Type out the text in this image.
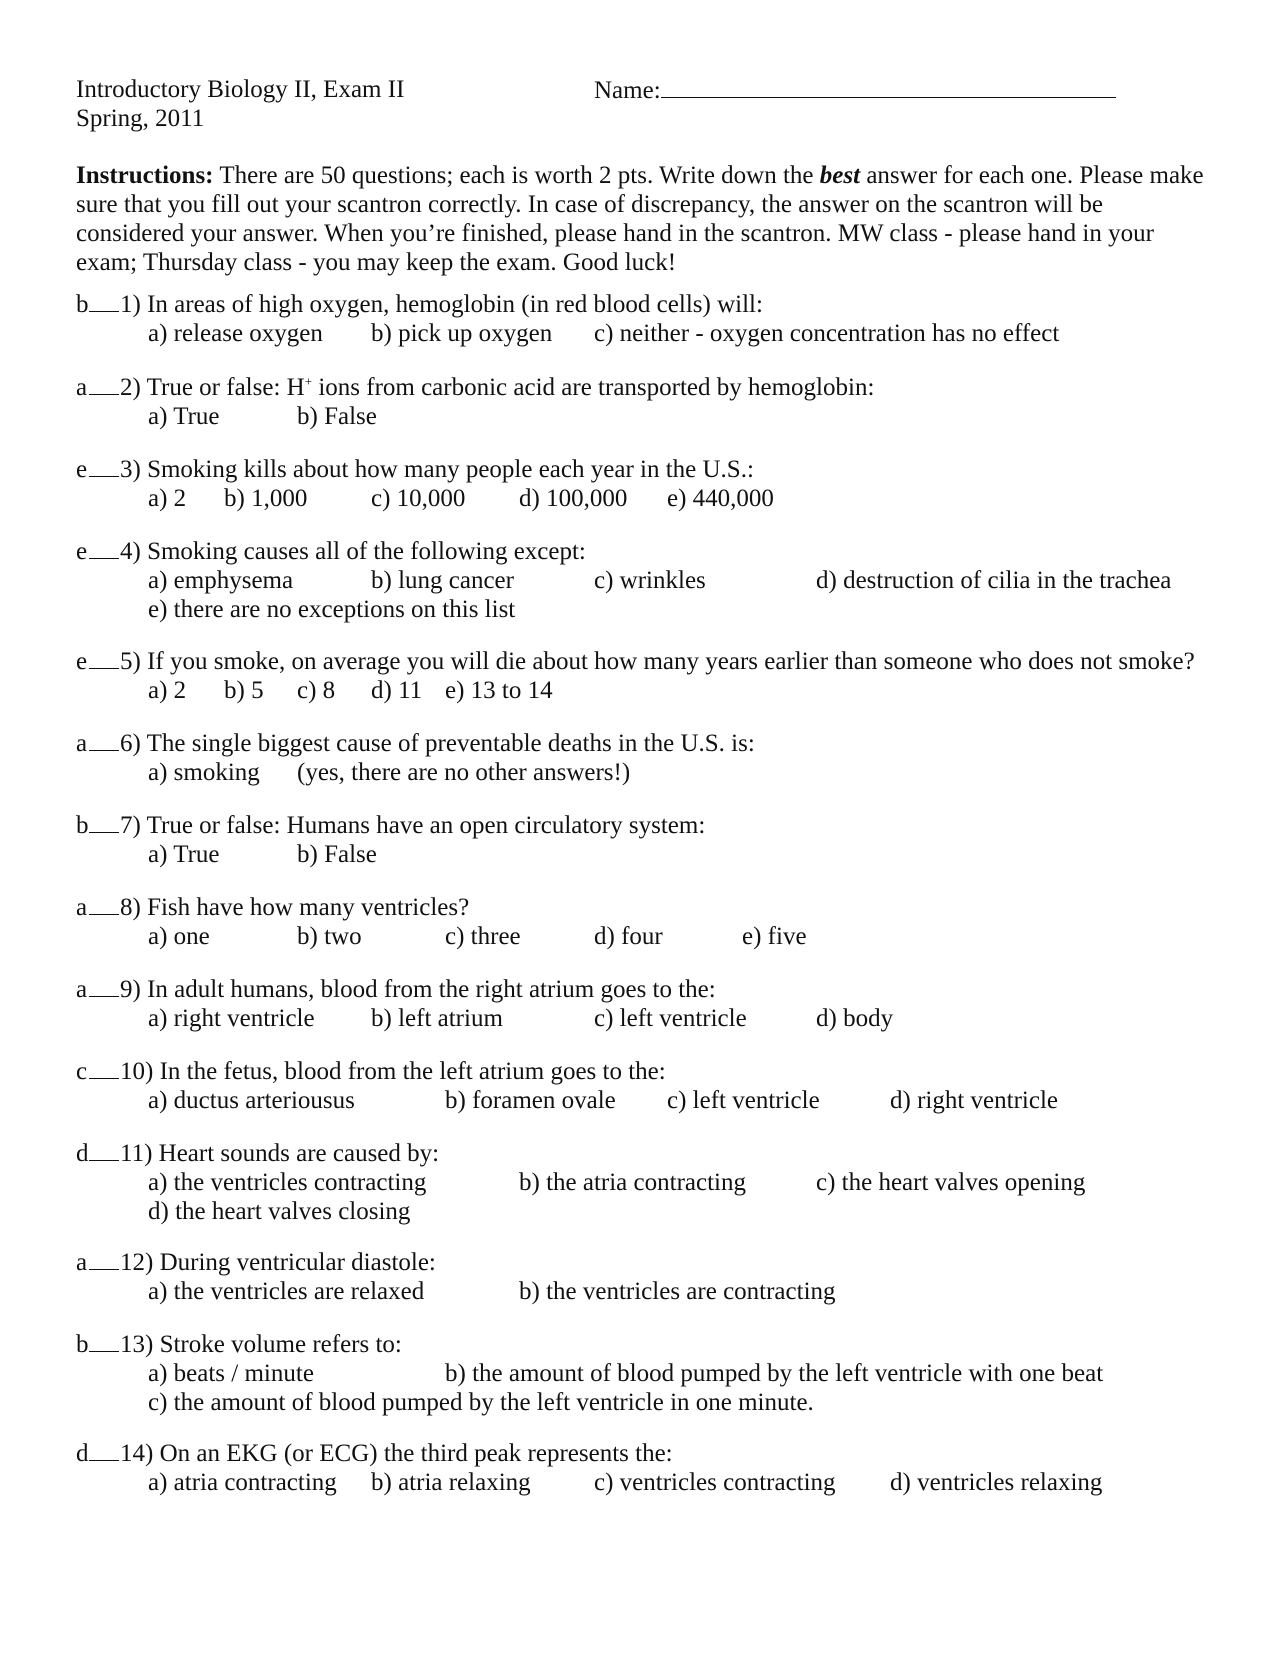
Introductory Biology II, Exam II	Name:
Spring, 2011

Instructions: There are 50 questions; each is worth 2 pts. Write down the best answer for each one. Please make sure that you fill out your scantron correctly. In case of discrepancy, the answer on the scantron will be considered your answer. When you’re finished, please hand in the scantron. MW class - please hand in your exam; Thursday class - you may keep the exam. Good luck!

b 1) In areas of high oxygen, hemoglobin (in red blood cells) will:
a) release oxygen b) pick up oxygen c) neither - oxygen concentration has no effect
a 2) True or false: H+ ions from carbonic acid are transported by hemoglobin:
a) True	b) False
e 3) Smoking kills about how many people each year in the U.S.:
a) 2 b) 1,000	c) 10,000 d) 100,000 e) 440,000
e 4) Smoking causes all of the following except:
a) emphysema	b) lung cancer	c) wrinkles	d) destruction of cilia in the trachea
e) there are no exceptions on this list
e 5) If you smoke, on average you will die about how many years earlier than someone who does not smoke?
a) 2 b) 5 c) 8 d) 11 e) 13 to 14
a 6) The single biggest cause of preventable deaths in the U.S. is:
a) smoking (yes, there are no other answers!)
b 7) True or false: Humans have an open circulatory system:
a) True	b) False
a 8) Fish have how many ventricles?
a) one	b) two	c) three	d) four	e) five
a 9) In adult humans, blood from the right atrium goes to the:
a) right ventricle b) left atrium	c) left ventricle	d) body
c 10) In the fetus, blood from the left atrium goes to the:
a) ductus arteriousus	b) foramen ovale c) left ventricle	d) right ventricle
d 11) Heart sounds are caused by:
a) the ventricles contracting	b) the atria contracting	c) the heart valves opening
d) the heart valves closing
a 12) During ventricular diastole:
a) the ventricles are relaxed	b) the ventricles are contracting
b 13) Stroke volume refers to:
a) beats / minute	b) the amount of blood pumped by the left ventricle with one beat
c) the amount of blood pumped by the left ventricle in one minute.
d 14) On an EKG (or ECG) the third peak represents the:
a) atria contracting b) atria relaxing	c) ventricles contracting d) ventricles relaxing
